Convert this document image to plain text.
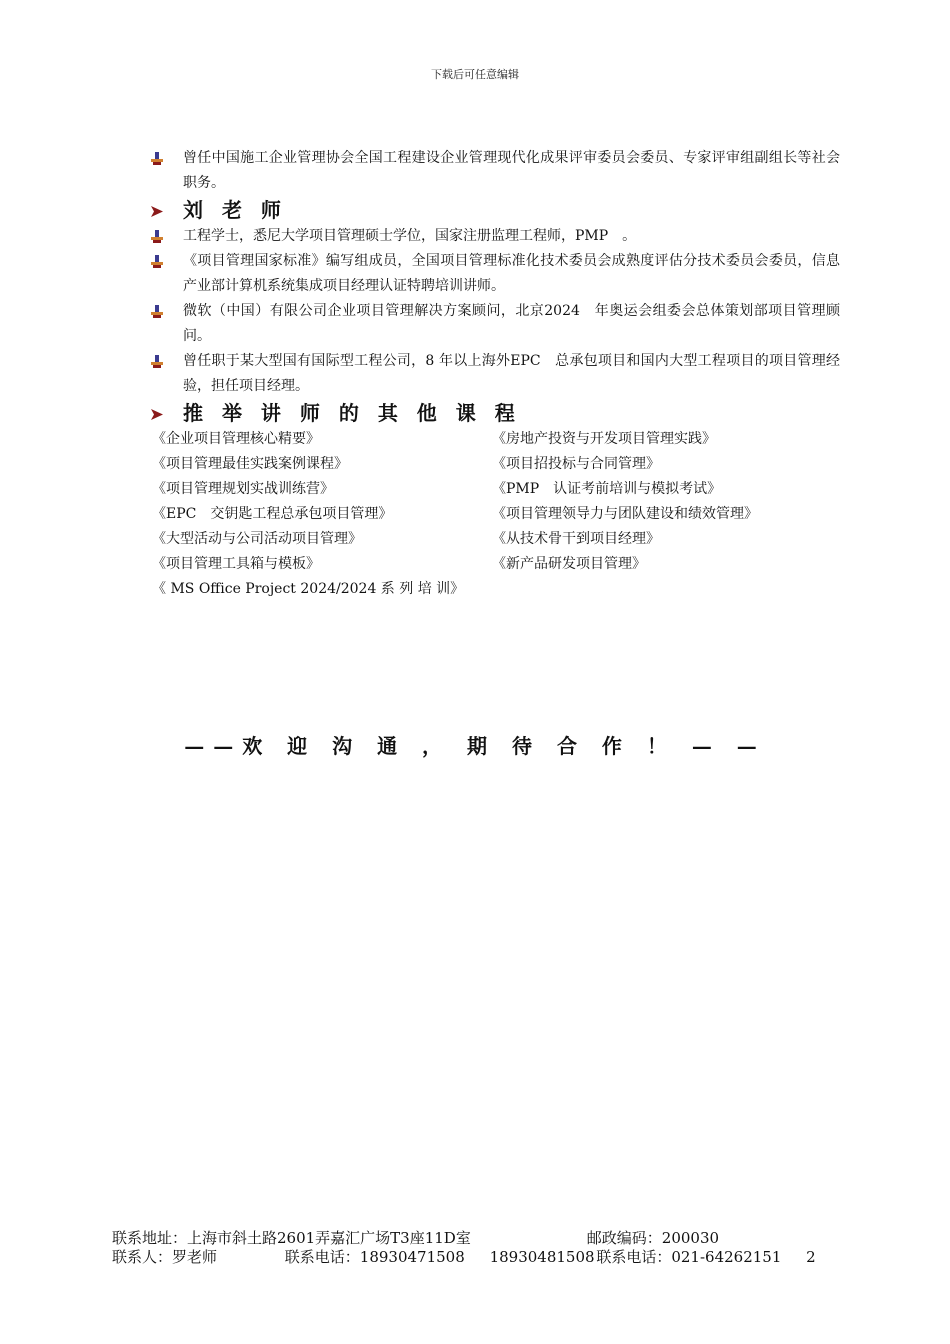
下载后可任意编辑

曾任中国施工企业管理协会全国工程建设企业管理现代化成果评审委员会委员、专家评审组副组长等社会职务。

刘 老 师

工程学士，悉尼大学项目管理硕士学位，国家注册监理工程师，PMP　。

《项目管理国家标准》编写组成员，全国项目管理标准化技术委员会成熟度评估分技术委员会委员，信息产业部计算机系统集成项目经理认证特聘培训讲师。

微软（中国）有限公司企业项目管理解决方案顾问，北京2024　年奥运会组委会总体策划部项目管理顾问。

曾任职于某大型国有国际型工程公司，8 年以上海外EPC　总承包项目和国内大型工程项目的项目管理经验，担任项目经理。

推 举 讲 师 的 其 他 课 程
《企业项目管理核心精要》	《房地产投资与开发项目管理实践》
《项目管理最佳实践案例课程》	《项目招投标与合同管理》
《项目管理规划实战训练营》	《PMP　认证考前培训与模拟考试》
《EPC　交钥匙工程总承包项目管理》	《项目管理领导力与团队建设和绩效管理》
《大型活动与公司活动项目管理》	《从技术骨干到项目经理》
《项目管理工具箱与模板》	《新产品研发项目管理》
《 MS Office Project 2024/2024 系 列 培 训》
——欢 迎 沟 通 ， 期 待 合 作 ！ — —
联系地址：上海市斜土路2601弄嘉汇广场T3座11D室	邮政编码：200030
联系人：罗老师	联系电话：18930471508 18930481508 联系电话：021-64262151 2
